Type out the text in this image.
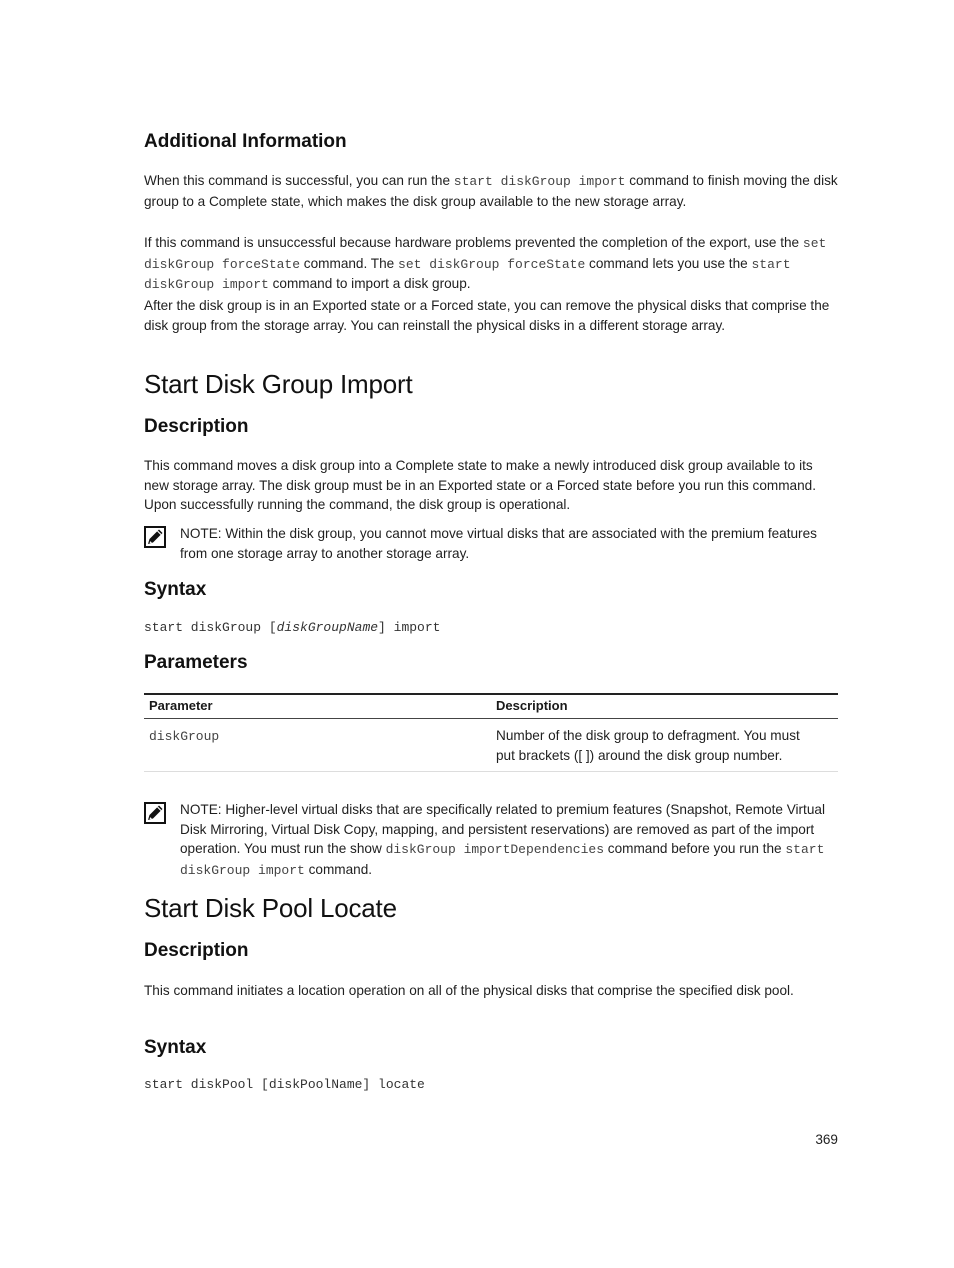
Additional Information

When this command is successful, you can run the start diskGroup import command to finish moving the disk group to a Complete state, which makes the disk group available to the new storage array.

If this command is unsuccessful because hardware problems prevented the completion of the export, use the set diskGroup forceState command. The set diskGroup forceState command lets you use the start diskGroup import command to import a disk group.

After the disk group is in an Exported state or a Forced state, you can remove the physical disks that comprise the disk group from the storage array. You can reinstall the physical disks in a different storage array.

Start Disk Group Import
Description

This command moves a disk group into a Complete state to make a newly introduced disk group available to its new storage array. The disk group must be in an Exported state or a Forced state before you run this command. Upon successfully running the command, the disk group is operational.

NOTE: Within the disk group, you cannot move virtual disks that are associated with the premium features from one storage array to another storage array.

Syntax
start diskGroup [diskGroupName] import
Parameters
Parameter	Description
diskGroup	Number of the disk group to defragment. You must put brackets ([ ]) around the disk group number.

NOTE: Higher-level virtual disks that are specifically related to premium features (Snapshot, Remote Virtual Disk Mirroring, Virtual Disk Copy, mapping, and persistent reservations) are removed as part of the import operation. You must run the show diskGroup importDependencies command before you run the start diskGroup import command.

Start Disk Pool Locate
Description

This command initiates a location operation on all of the physical disks that comprise the specified disk pool.

Syntax
start diskPool [diskPoolName] locate
369
